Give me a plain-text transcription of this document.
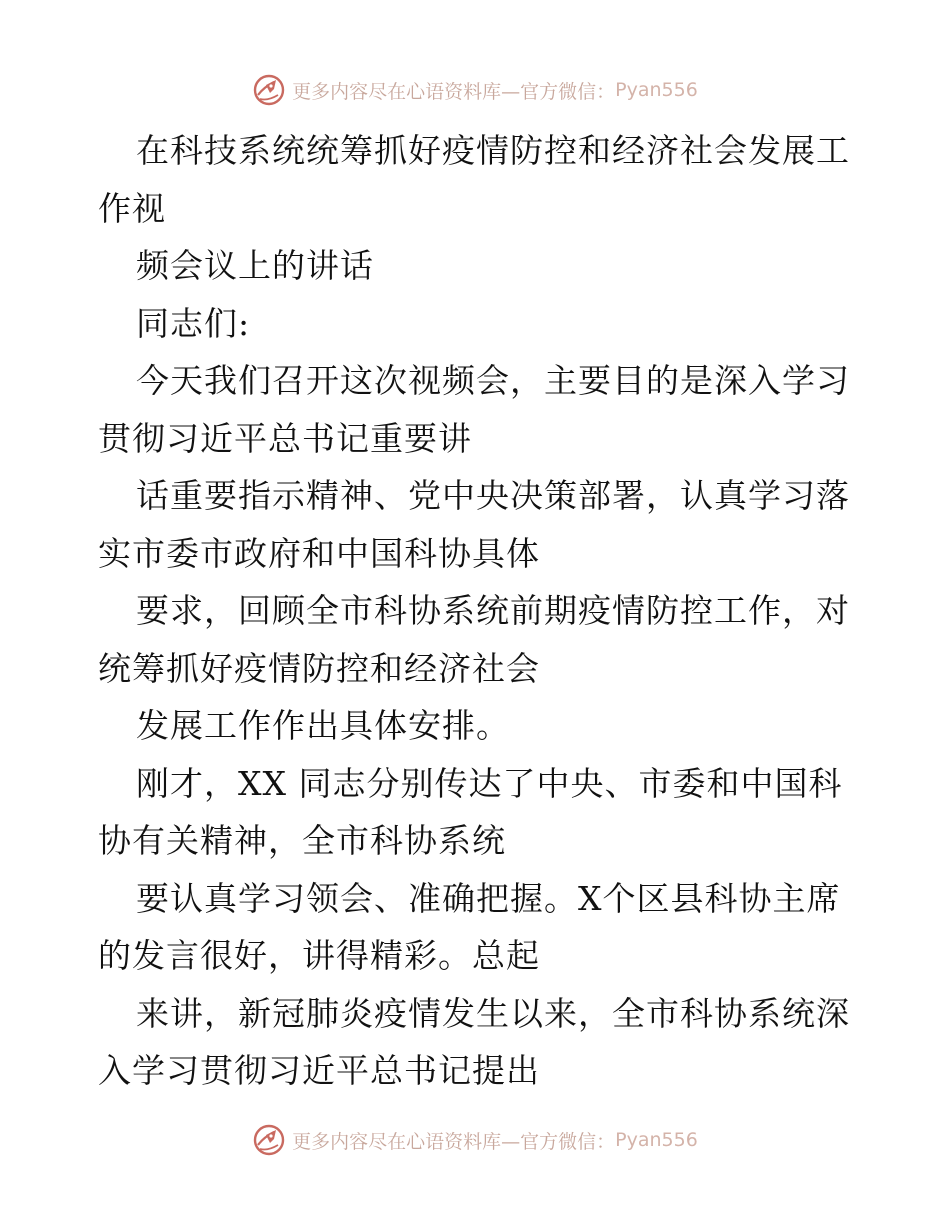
更多内容尽在心语资料库—官方微信： Pyan556
在科技系统统筹抓好疫情防控和经济社会发展工
作视
频会议上的讲话
同志们:
今天我们召开这次视频会，主要目的是深入学习
贯彻习近平总书记重要讲
话重要指示精神、党中央决策部署，认真学习落
实市委市政府和中国科协具体
要求，回顾全市科协系统前期疫情防控工作，对
统筹抓好疫情防控和经济社会
发展工作作出具体安排。
刚才，XX 同志分别传达了中央、市委和中国科
协有关精神，全市科协系统
要认真学习领会、准确把握。X个区县科协主席
的发言很好，讲得精彩。总起
来讲，新冠肺炎疫情发生以来，全市科协系统深
入学习贯彻习近平总书记提出
更多内容尽在心语资料库—官方微信： Pyan556
